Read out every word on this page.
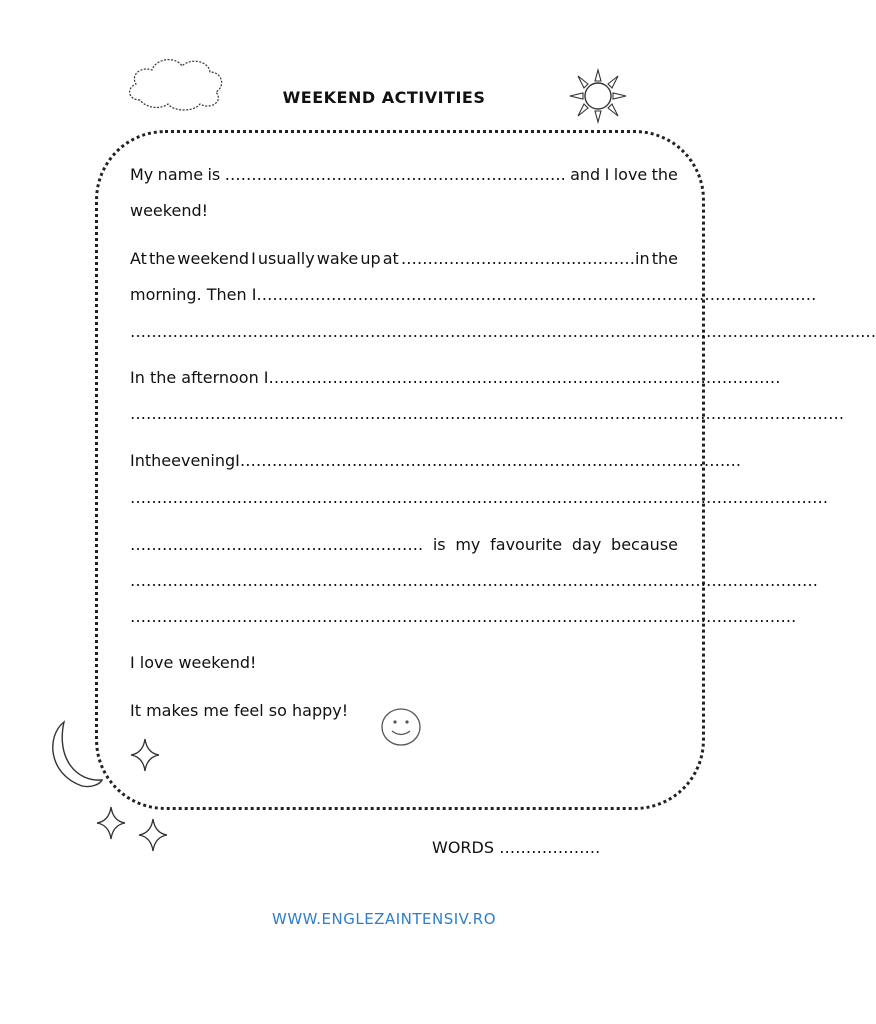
WEEKEND ACTIVITIES
My name is ………………………………………………………. and I love the
weekend!
At the weekend I usually wake up at …………………………..…………in the
morning. Then I……………………………………………………………………………………………
………………………………………………………………………………………………………………………..…
In the afternoon I……………………………………………………………………………………
…………………………………………………………………………..…………………………………………
In the evening I………………………………………………………………………………….
………………………………………………………………………………………………………..…………
………………………………………………. is my favourite day because
…………………………………………………………………………………………………………………
……………………………………………………………………………………………………….…….
I love weekend!
It makes me feel so happy!
WORDS ……………….
WWW.ENGLEZAINTENSIV.RO
